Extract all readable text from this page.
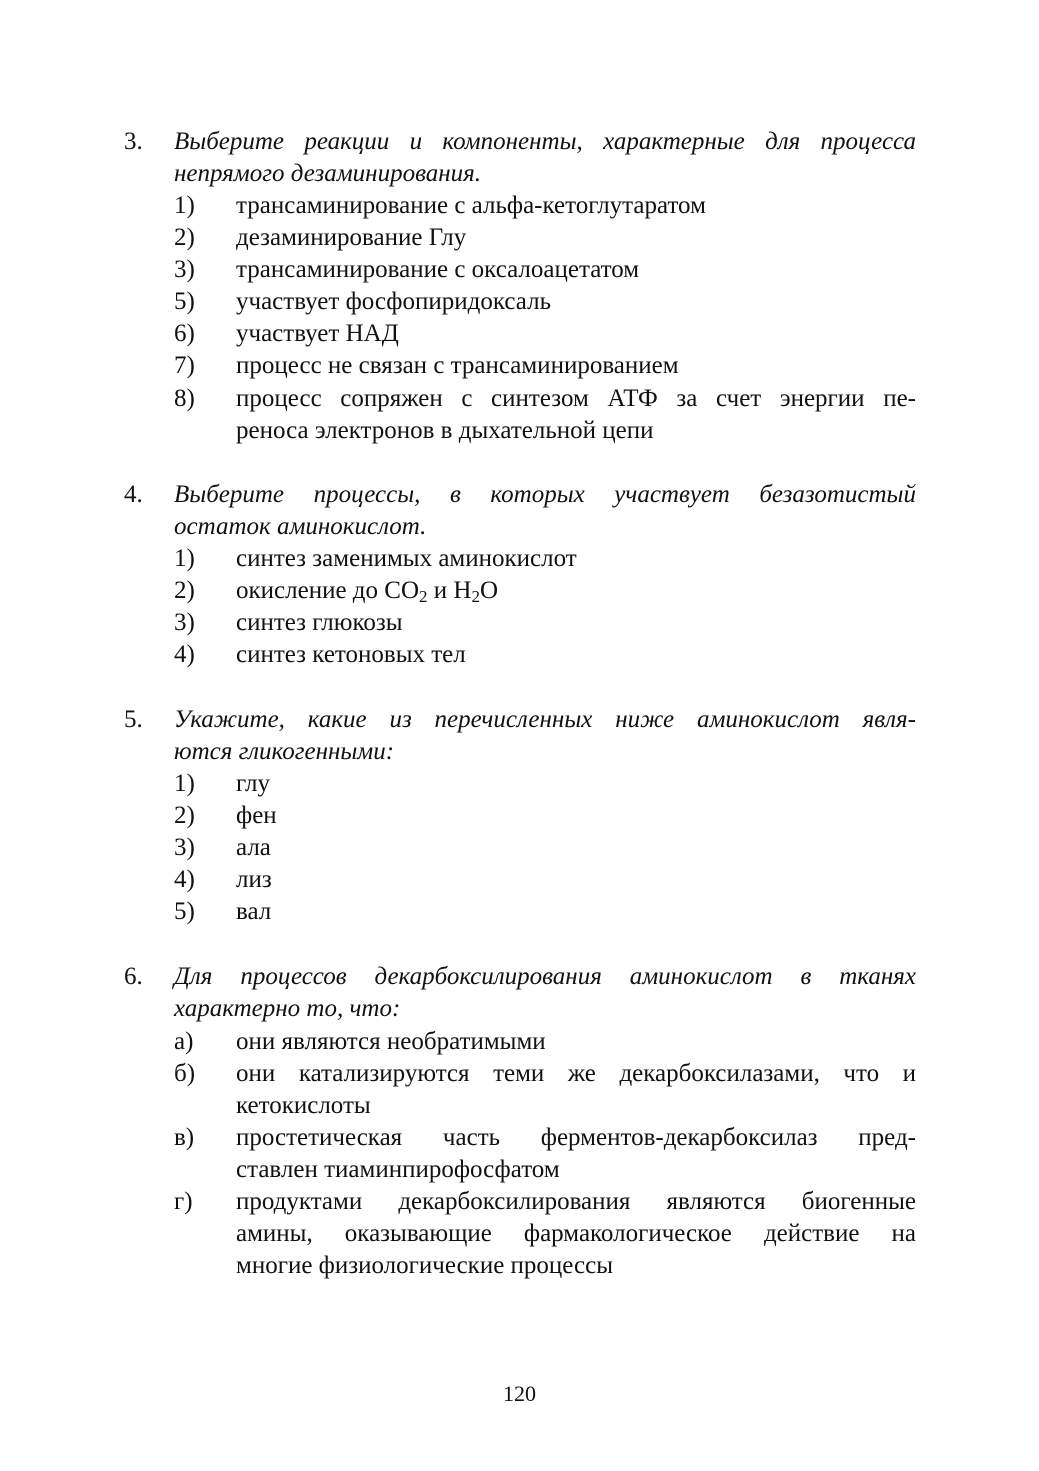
3. Выберите реакции и компоненты, характерные для процесса
непрямого дезаминирования.
1) трансаминирование с альфа-кетоглутаратом
2) дезаминирование Глу
3) трансаминирование с оксалоацетатом
5) участвует фосфопиридоксаль
6) участвует НАД
7) процесс не связан с трансаминированием
8) процесс сопряжен с синтезом АТФ за счет энергии пе-
реноса электронов в дыхательной цепи
4. Выберите процессы, в которых участвует безазотистый
остаток аминокислот.
1) синтез заменимых аминокислот
2) окисление до $CO_2$ и $H_2O$
3) синтез глюкозы
4) синтез кетоновых тел
5. Укажите, какие из перечисленных ниже аминокислот явля-
ются гликогенными:
1) глу
2) фен
3) ала
4) лиз
5) вал
6. Для процессов декарбоксилирования аминокислот в тканях
характерно то, что:
а) они являются необратимыми
б) они катализируются теми же декарбоксилазами, что и
кетокислоты
в) простетическая часть ферментов-декарбоксилаз пред-
ставлен тиаминпирофосфатом
г) продуктами декарбоксилирования являются биогенные
амины, оказывающие фармакологическое действие на
многие физиологические процессы
120
